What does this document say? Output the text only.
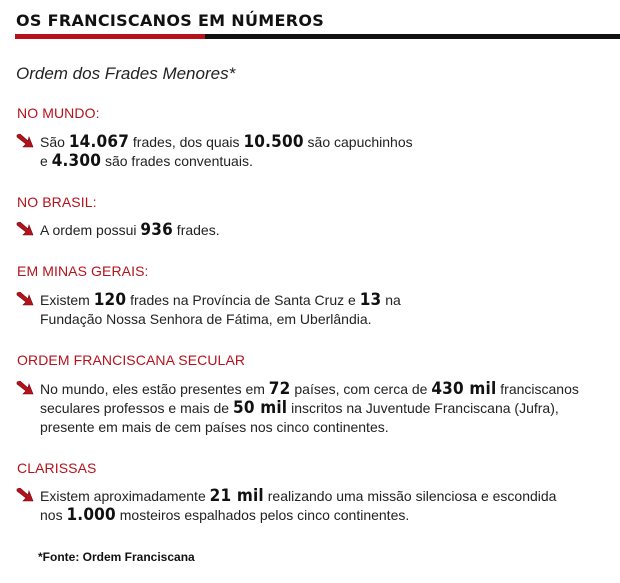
OS FRANCISCANOS EM NÚMEROS
Ordem dos Frades Menores*
NO MUNDO:
São 14.067 frades, dos quais 10.500 são capuchinhos
e 4.300 são frades conventuais.
NO BRASIL:
A ordem possui 936 frades.
EM MINAS GERAIS:
Existem 120 frades na Província de Santa Cruz e 13 na
Fundação Nossa Senhora de Fátima, em Uberlândia.
ORDEM FRANCISCANA SECULAR
No mundo, eles estão presentes em 72 países, com cerca de 430 mil franciscanos
seculares professos e mais de 50 mil inscritos na Juventude Franciscana (Jufra),
presente em mais de cem países nos cinco continentes.
CLARISSAS
Existem aproximadamente 21 mil realizando uma missão silenciosa e escondida
nos 1.000 mosteiros espalhados pelos cinco continentes.
*Fonte: Ordem Franciscana
